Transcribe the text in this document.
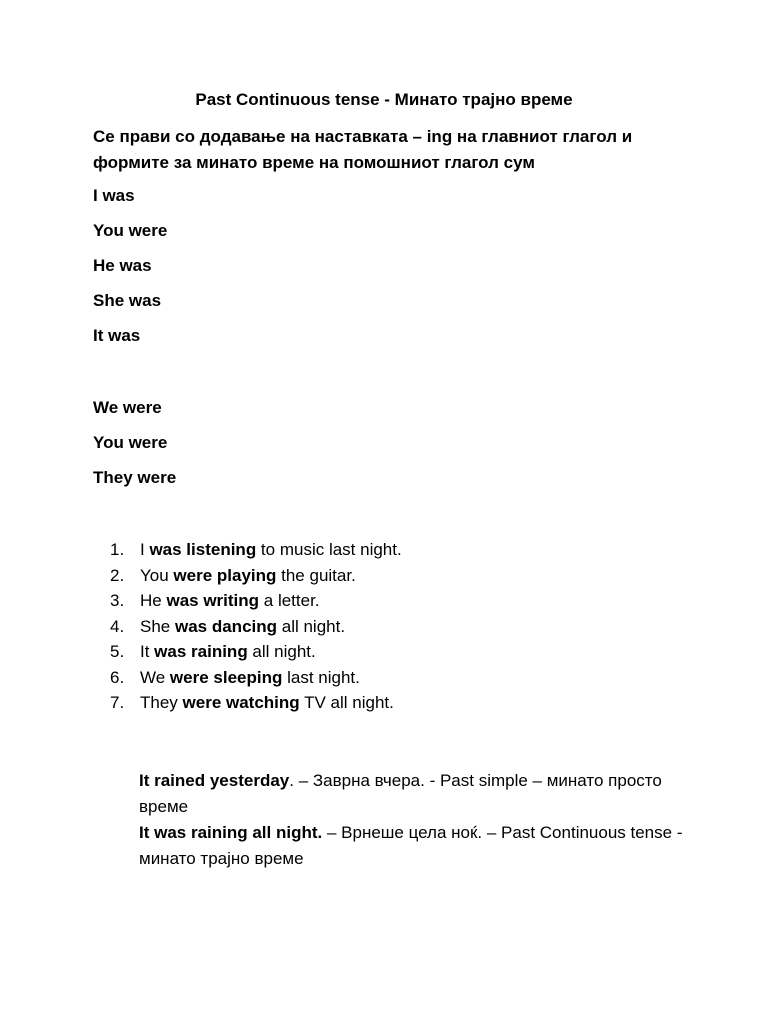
Past Continuous tense - Минато трајно време
Се прави со додавање на наставката – ing на главниот глагол и формите за минато време на помошниот глагол сум
I was
You were
He was
She was
It was
We were
You were
They were
1. I was listening to music last night.
2. You were playing the guitar.
3. He was writing a letter.
4. She was dancing all night.
5. It was raining all night.
6. We were sleeping last night.
7. They were watching TV all night.
It rained yesterday. – Заврна вчера. - Past simple – минато просто време
It was raining all night. – Врнеше цела ноќ. – Past Continuous tense - минато трајно време
